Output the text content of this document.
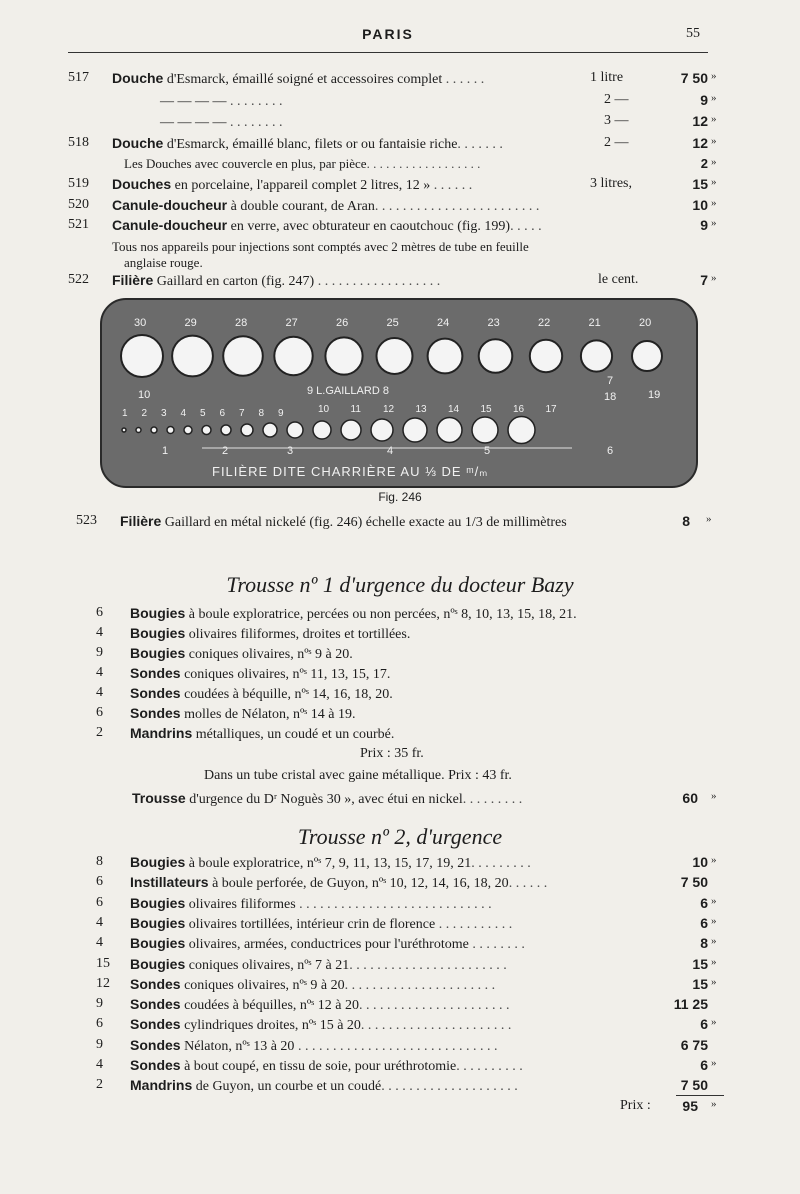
PARIS	55
517	Douche d'Esmarck, émaillé soigné et accessoires complet . . . . . .	1 litre	7 50 »
— — — — . . . . . . . .	2 —	9 »
— — — — . . . . . . . .	3 —	12 »
518	Douche d'Esmarck, émaillé blanc, filets or ou fantaisie riche. . . . . . .	2 —	12 »
Les Douches avec couvercle en plus, par pièce. . . . . . . . . . . . . . . . . .	2 »
519	Douches en porcelaine, l'appareil complet 2 litres, 12 » . . . . . .	3 litres,	15 »
520	Canule-doucheur à double courant, de Aran. . . . . . . . . . . . . . . . . . . . . . . .	10 »
521	Canule-doucheur en verre, avec obturateur en caoutchouc (fig. 199). . . . .	9 »
Tous nos appareils pour injections sont comptés avec 2 mètres de tube en feuille
anglaise rouge.
522	Filière Gaillard en carton (fig. 247) . . . . . . . . . . . . . . . . . .	le cent.	7 »
30	29	28	27	26	25	24	23	22	21	20
10	9 L.GAILLARD 8
7
18	19
1 2 3 4 5 6 7 8 9	10 11 12 13 14 15 16 17
1	2	3	4	5	6
FILIÈRE DITE CHARRIÈRE AU ⅓ DE ᵐ/ₘ
Fig. 246
523	Filière Gaillard en métal nickelé (fig. 246) échelle exacte au 1/3 de millimètres	8 »
Trousse nº 1 d'urgence du docteur Bazy
6	Bougies à boule exploratrice, percées ou non percées, nºˢ 8, 10, 13, 15, 18, 21.
4	Bougies olivaires filiformes, droites et tortillées.
9	Bougies coniques olivaires, nºˢ 9 à 20.
4	Sondes coniques olivaires, nºˢ 11, 13, 15, 17.
4	Sondes coudées à béquille, nºˢ 14, 16, 18, 20.
6	Sondes molles de Nélaton, nºˢ 14 à 19.
2	Mandrins métalliques, un coudé et un courbé.
Prix : 35 fr.
Dans un tube cristal avec gaine métallique. Prix : 43 fr.
Trousse d'urgence du Dʳ Noguès 30 », avec étui en nickel. . . . . . . . .	60 »
Trousse nº 2, d'urgence
8	Bougies à boule exploratrice, nºˢ 7, 9, 11, 13, 15, 17, 19, 21. . . . . . . . .	10 »
6	Instillateurs à boule perforée, de Guyon, nºˢ 10, 12, 14, 16, 18, 20. . . . . .	7 50
6	Bougies olivaires filiformes . . . . . . . . . . . . . . . . . . . . . . . . . . . .	6 »
4	Bougies olivaires tortillées, intérieur crin de florence . . . . . . . . . . .	6 »
4	Bougies olivaires, armées, conductrices pour l'uréthrotome . . . . . . . .	8 »
15	Bougies coniques olivaires, nºˢ 7 à 21. . . . . . . . . . . . . . . . . . . . . . .	15 »
12	Sondes coniques olivaires, nºˢ 9 à 20. . . . . . . . . . . . . . . . . . . . . .	15 »
9	Sondes coudées à béquilles, nºˢ 12 à 20. . . . . . . . . . . . . . . . . . . . . .	11 25
6	Sondes cylindriques droites, nºˢ 15 à 20. . . . . . . . . . . . . . . . . . . . . .	6 »
9	Sondes Nélaton, nºˢ 13 à 20 . . . . . . . . . . . . . . . . . . . . . . . . . . . . .	6 75
4	Sondes à bout coupé, en tissu de soie, pour uréthrotomie. . . . . . . . . .	6 »
2	Mandrins de Guyon, un courbe et un coudé. . . . . . . . . . . . . . . . . . . .	7 50
Prix :	95 »
